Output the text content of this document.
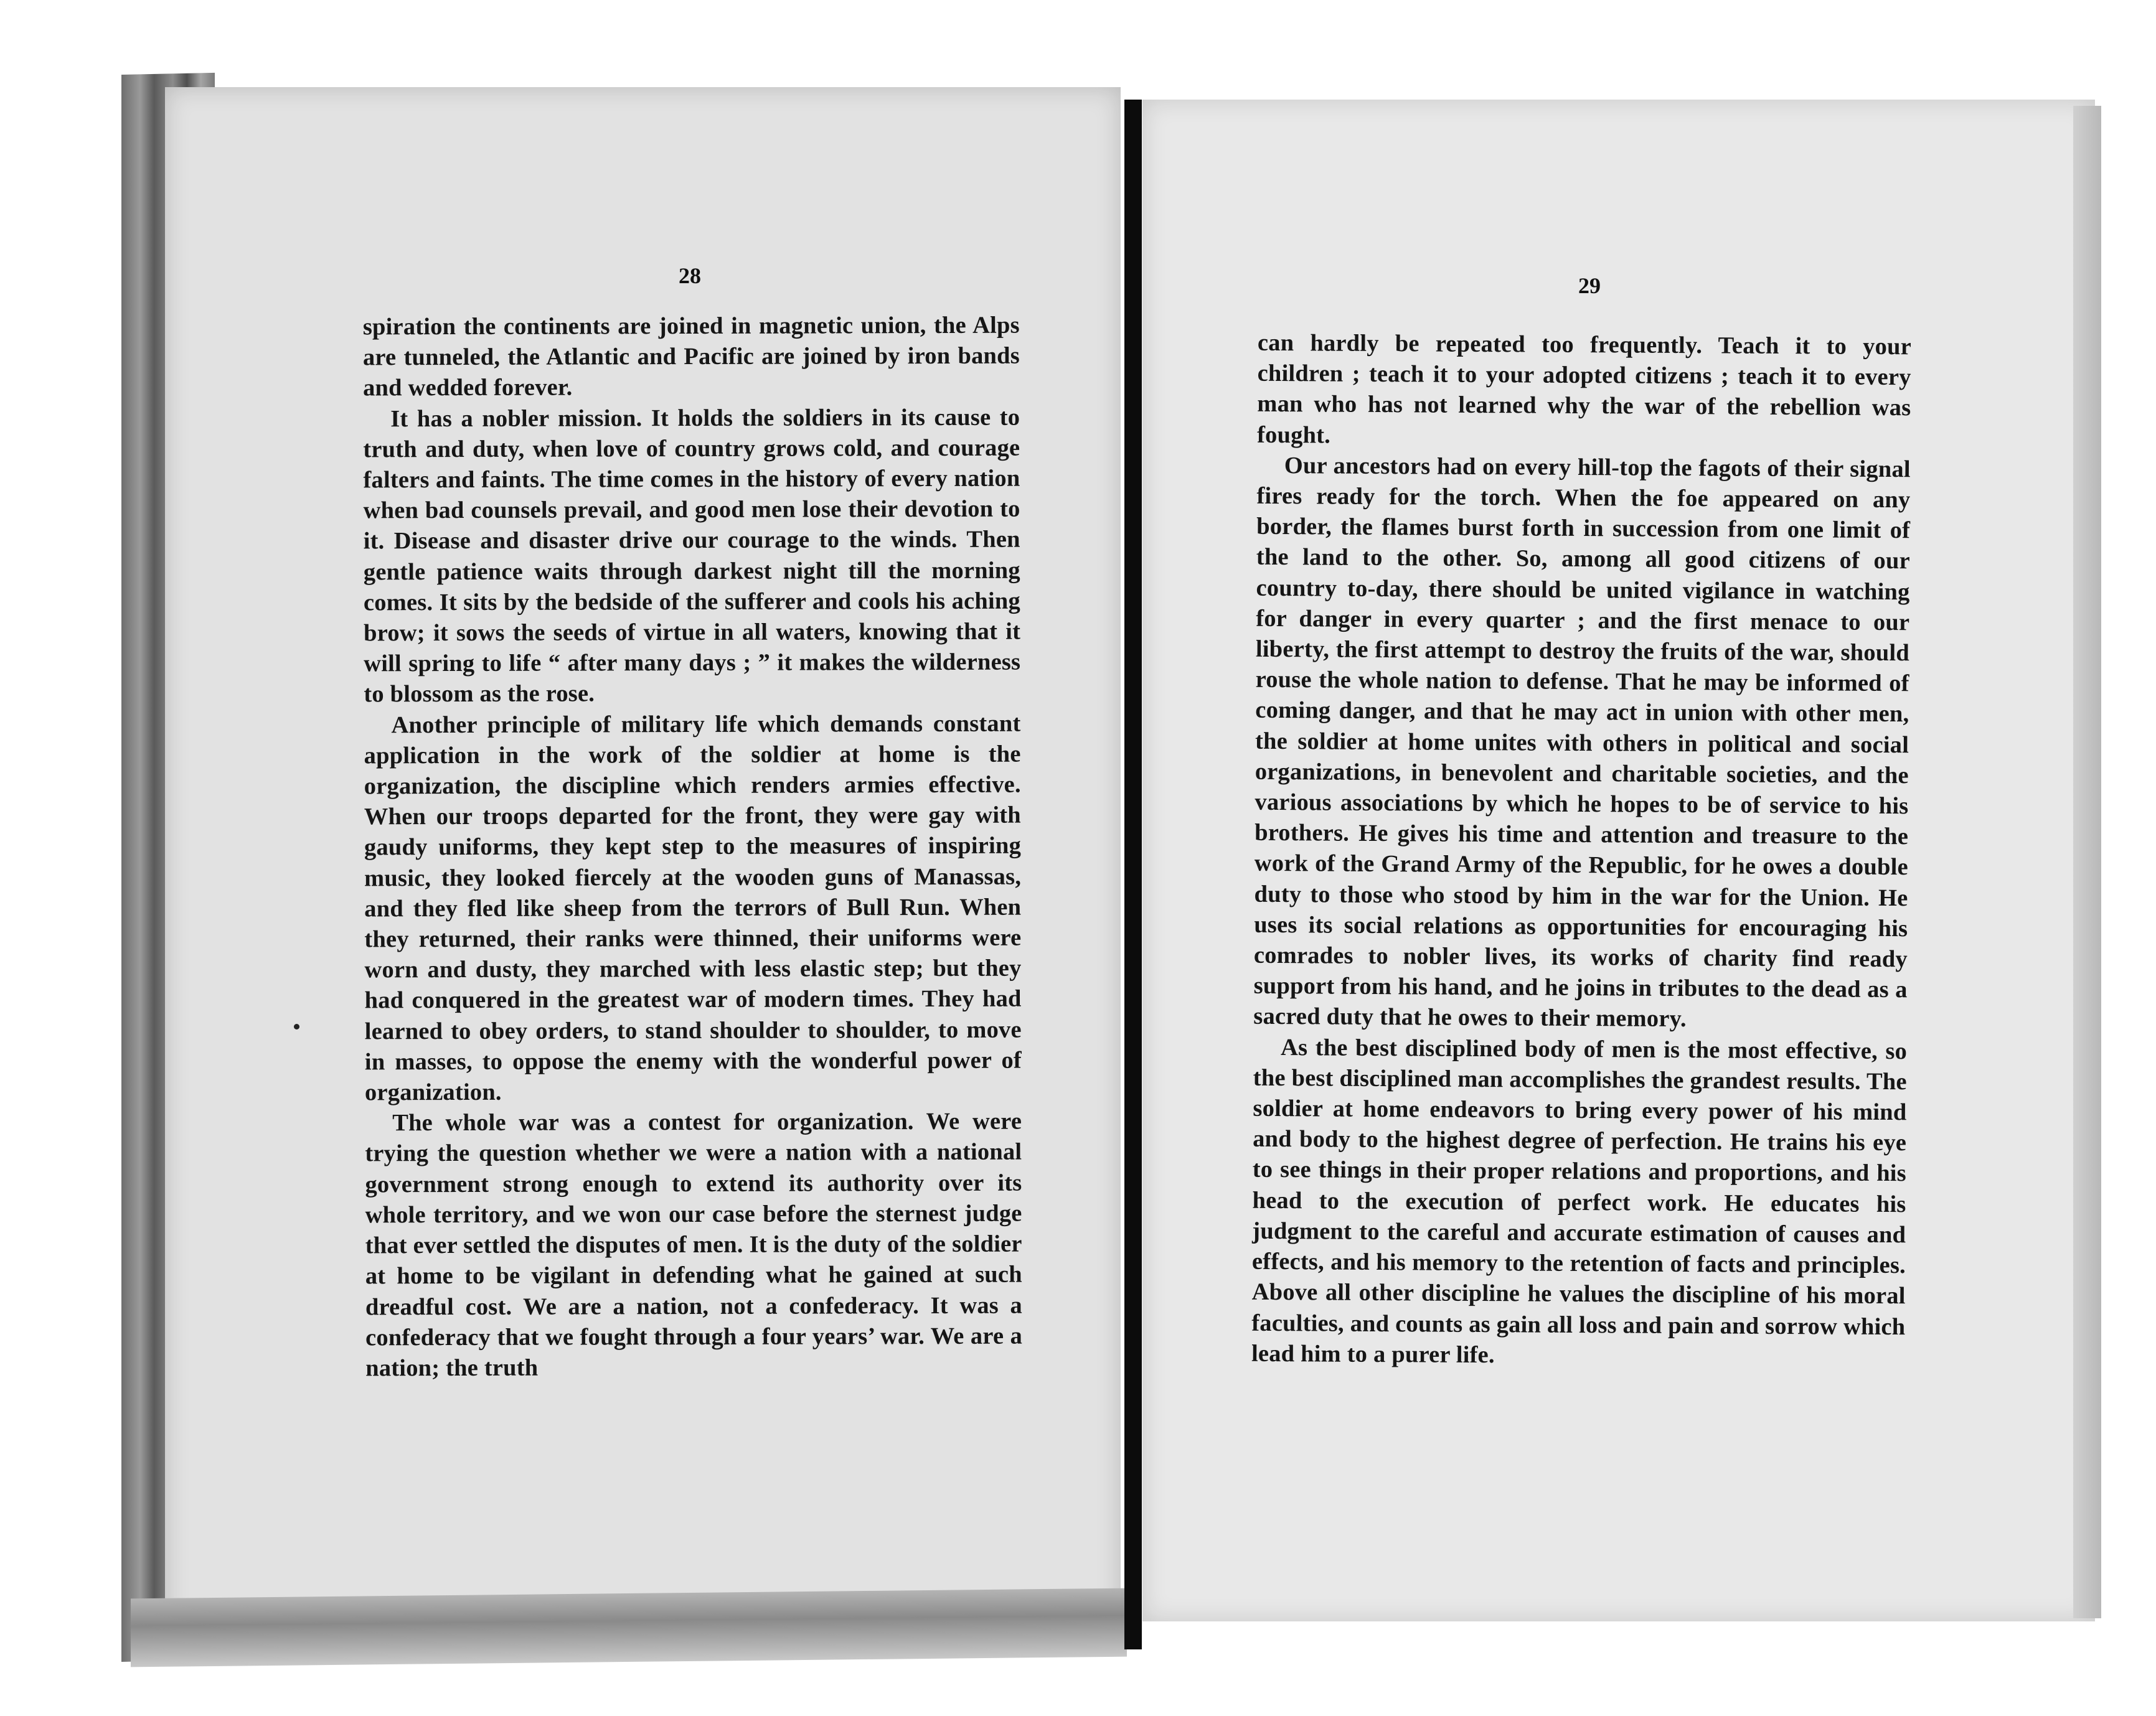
28	29

spiration the continents are joined in magnetic union, the Alps are tunneled, the Atlantic and Pacific are joined by iron bands and wedded forever.

It has a nobler mission. It holds the soldiers in its cause to truth and duty, when love of country grows cold, and courage falters and faints. The time comes in the history of every nation when bad counsels prevail, and good men lose their devotion to it. Disease and disaster drive our courage to the winds. Then gentle patience waits through darkest night till the morning comes. It sits by the bedside of the sufferer and cools his aching brow; it sows the seeds of virtue in all waters, knowing that it will spring to life “ after many days ; ” it makes the wilderness to blossom as the rose.

Another principle of military life which demands constant application in the work of the soldier at home is the organization, the discipline which renders armies effective. When our troops departed for the front, they were gay with gaudy uniforms, they kept step to the measures of inspiring music, they looked fiercely at the wooden guns of Manassas, and they fled like sheep from the terrors of Bull Run. When they returned, their ranks were thinned, their uniforms were worn and dusty, they marched with less elastic step; but they had conquered in the greatest war of modern times. They had learned to obey orders, to stand shoulder to shoulder, to move in masses, to oppose the enemy with the wonderful power of organization.

The whole war was a contest for organization. We were trying the question whether we were a nation with a national government strong enough to extend its authority over its whole territory, and we won our case before the sternest judge that ever settled the disputes of men. It is the duty of the soldier at home to be vigilant in defending what he gained at such dreadful cost. We are a nation, not a confederacy. It was a confederacy that we fought through a four years’ war. We are a nation; the truth

can hardly be repeated too frequently. Teach it to your children ; teach it to your adopted citizens ; teach it to every man who has not learned why the war of the rebellion was fought.

Our ancestors had on every hill-top the fagots of their signal fires ready for the torch. When the foe appeared on any border, the flames burst forth in succession from one limit of the land to the other. So, among all good citizens of our country to-day, there should be united vigilance in watching for danger in every quarter ; and the first menace to our liberty, the first attempt to destroy the fruits of the war, should rouse the whole nation to defense. That he may be informed of coming danger, and that he may act in union with other men, the soldier at home unites with others in political and social organizations, in benevolent and charitable societies, and the various associations by which he hopes to be of service to his brothers. He gives his time and attention and treasure to the work of the Grand Army of the Republic, for he owes a double duty to those who stood by him in the war for the Union. He uses its social relations as opportunities for encouraging his comrades to nobler lives, its works of charity find ready support from his hand, and he joins in tributes to the dead as a sacred duty that he owes to their memory.

As the best disciplined body of men is the most effective, so the best disciplined man accomplishes the grandest results. The soldier at home endeavors to bring every power of his mind and body to the highest degree of perfection. He trains his eye to see things in their proper relations and proportions, and his head to the execution of perfect work. He educates his judgment to the careful and accurate estimation of causes and effects, and his memory to the retention of facts and principles. Above all other discipline he values the discipline of his moral faculties, and counts as gain all loss and pain and sorrow which lead him to a purer life.
